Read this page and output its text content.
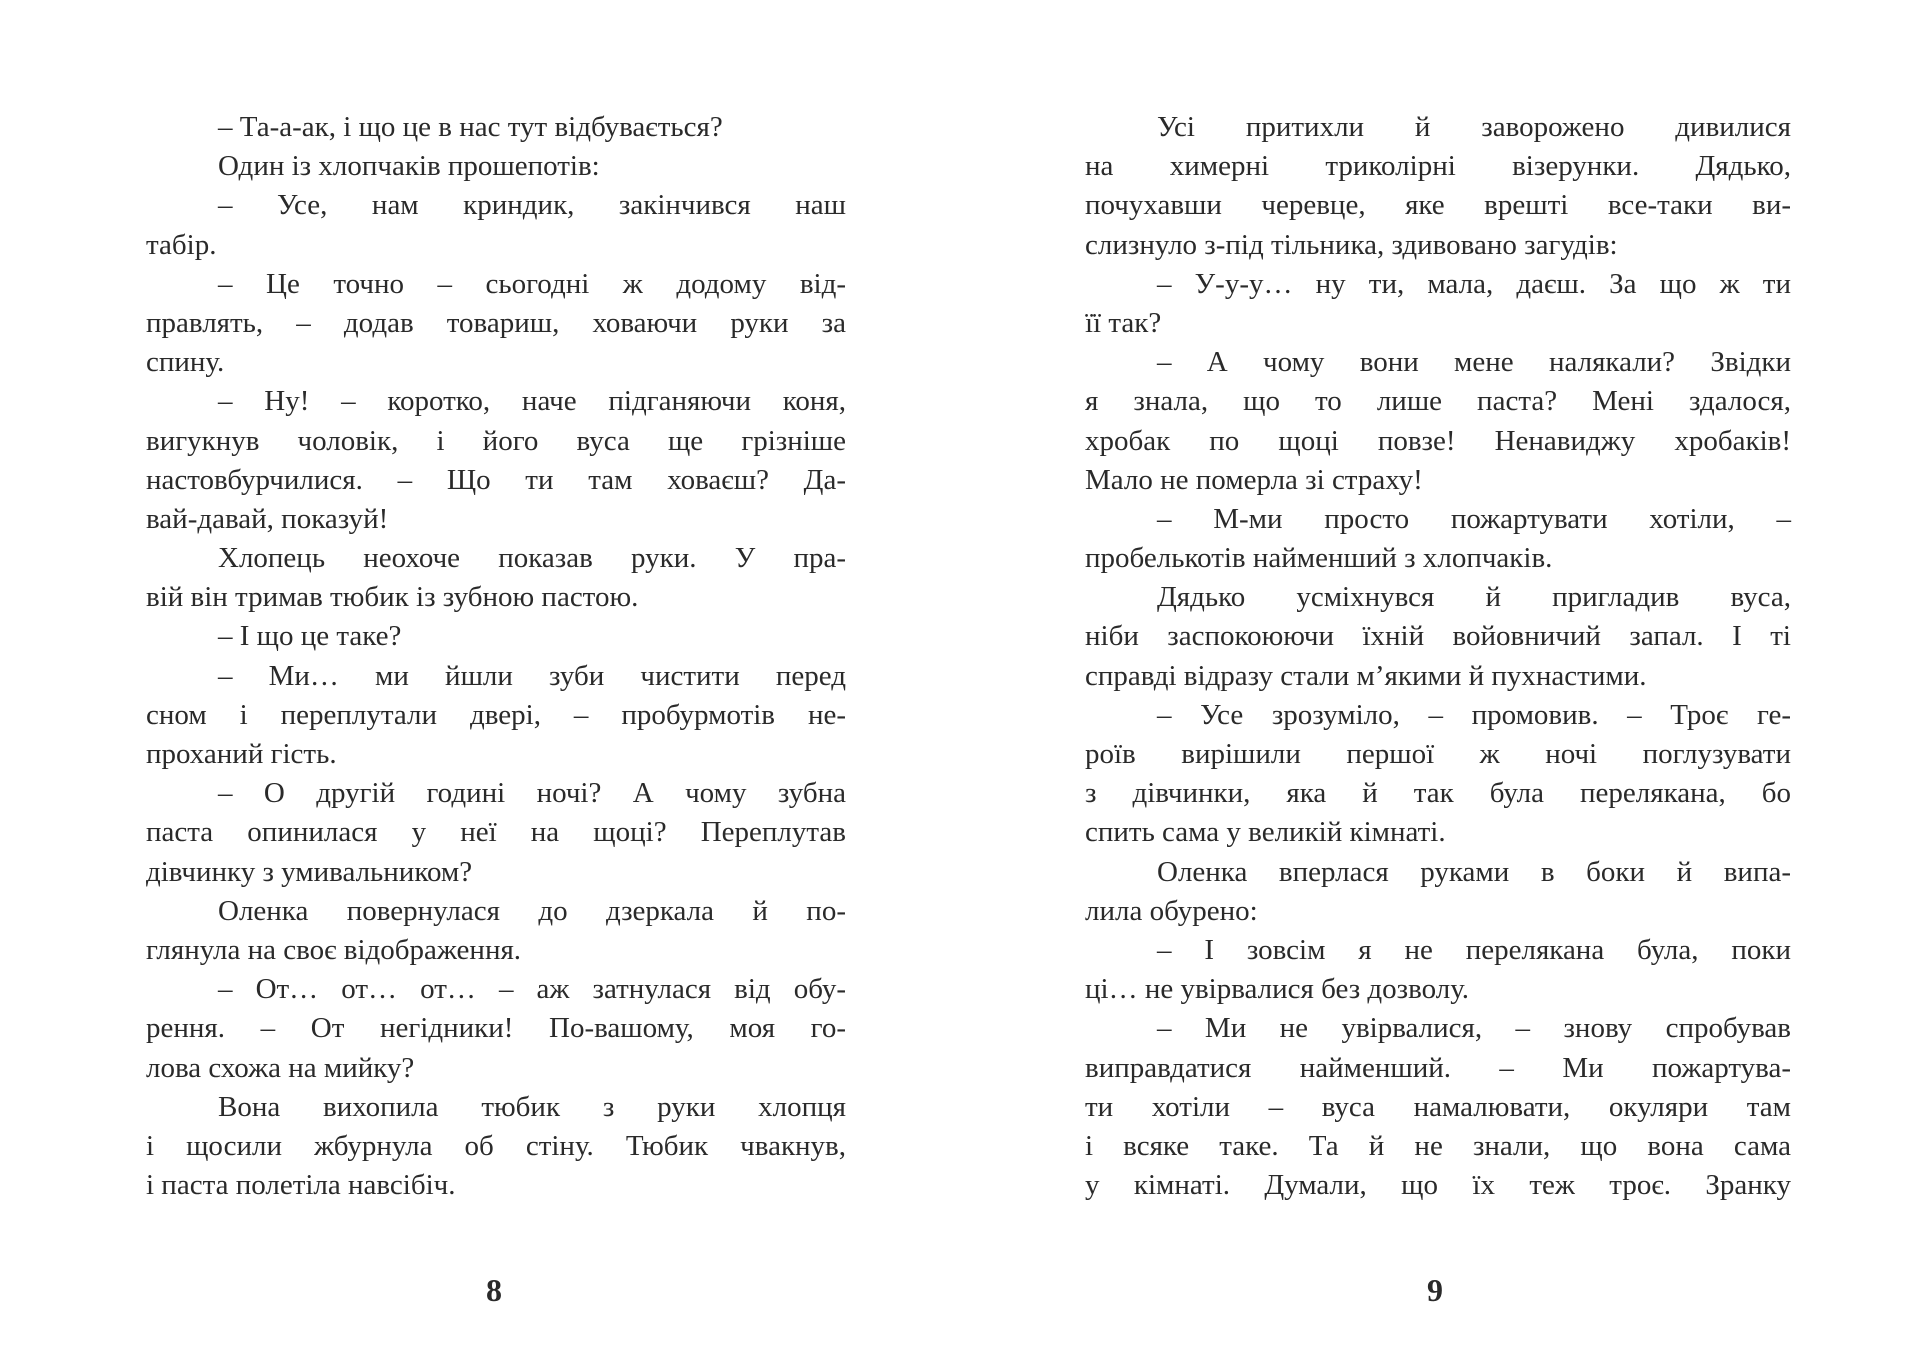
– Та-а-ак, і що це в нас тут відбувається?
Один із хлопчаків прошепотів:
– Усе, нам криндик, закінчився наш
табір.
– Це точно – сьогодні ж додому від-
правлять, – додав товариш, ховаючи руки за
спину.
– Ну! – коротко, наче підганяючи коня,
вигукнув чоловік, і його вуса ще грізніше
настовбурчилися. – Що ти там ховаєш? Да-
вай-давай, показуй!
Хлопець неохоче показав руки. У пра-
вій він тримав тюбик із зубною пастою.
– І що це таке?
– Ми… ми йшли зуби чистити перед
сном і переплутали двері, – пробурмотів не-
проханий гість.
– О другій годині ночі? А чому зубна
паста опинилася у неї на щоці? Переплутав
дівчинку з умивальником?
Оленка повернулася до дзеркала й по-
глянула на своє відображення.
– От… от… от… – аж затнулася від обу-
рення. – От негідники! По-вашому, моя го-
лова схожа на мийку?
Вона вихопила тюбик з руки хлопця
і щосили жбурнула об стіну. Тюбик чвакнув,
і паста полетіла навсібіч.
8
Усі притихли й заворожено дивилися
на химерні триколірні візерунки. Дядько,
почухавши черевце, яке врешті все-таки ви-
слизнуло з-під тільника, здивовано загудів:
– У-у-у… ну ти, мала, даєш. За що ж ти
її так?
– А чому вони мене налякали? Звідки
я знала, що то лише паста? Мені здалося,
хробак по щоці повзе! Ненавиджу хробаків!
Мало не померла зі страху!
– М-ми просто пожартувати хотіли, –
пробелькотів найменший з хлопчаків.
Дядько усміхнувся й пригладив вуса,
ніби заспокоюючи їхній войовничий запал. І ті
справді відразу стали м’якими й пухнастими.
– Усе зрозуміло, – промовив. – Троє ге-
роїв вирішили першої ж ночі поглузувати
з дівчинки, яка й так була перелякана, бо
спить сама у великій кімнаті.
Оленка вперлася руками в боки й випа-
лила обурено:
– І зовсім я не перелякана була, поки
ці… не увірвалися без дозволу.
– Ми не увірвалися, – знову спробував
виправдатися найменший. – Ми пожартува-
ти хотіли – вуса намалювати, окуляри там
і всяке таке. Та й не знали, що вона сама
у кімнаті. Думали, що їх теж троє. Зранку
9
